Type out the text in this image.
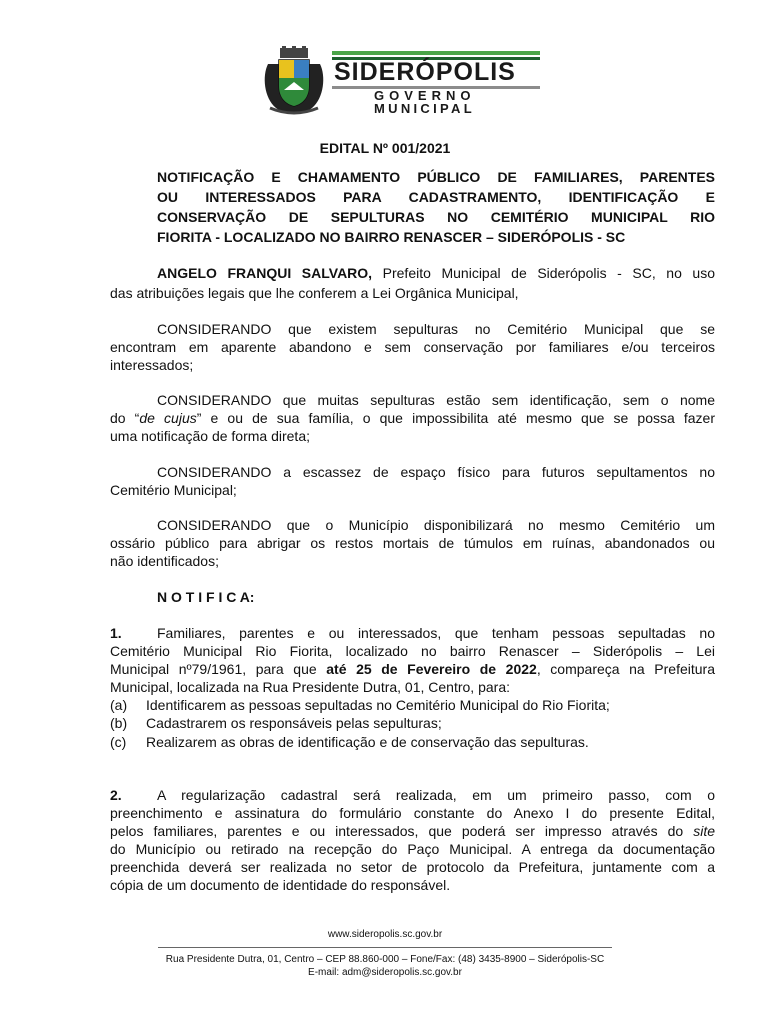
SIDERÓPOLIS
GOVERNO
MUNICIPAL
EDITAL Nº 001/2021
NOTIFICAÇÃO E CHAMAMENTO PÚBLICO DE FAMILIARES, PARENTES
OU INTERESSADOS PARA CADASTRAMENTO, IDENTIFICAÇÃO E
CONSERVAÇÃO DE SEPULTURAS NO CEMITÉRIO MUNICIPAL RIO
FIORITA - LOCALIZADO NO BAIRRO RENASCER – SIDERÓPOLIS - SC
ANGELO FRANQUI SALVARO, Prefeito Municipal de Siderópolis - SC, no uso
das atribuições legais que lhe conferem a Lei Orgânica Municipal,
CONSIDERANDO que existem sepulturas no Cemitério Municipal que se
encontram em aparente abandono e sem conservação por familiares e/ou terceiros
interessados;
CONSIDERANDO que muitas sepulturas estão sem identificação, sem o nome
do “de cujus” e ou de sua família, o que impossibilita até mesmo que se possa fazer
uma notificação de forma direta;
CONSIDERANDO a escassez de espaço físico para futuros sepultamentos no
Cemitério Municipal;
CONSIDERANDO que o Município disponibilizará no mesmo Cemitério um
ossário público para abrigar os restos mortais de túmulos em ruínas, abandonados ou
não identificados;
N O T I F I C A:
1.	Familiares, parentes e ou interessados, que tenham pessoas sepultadas no
Cemitério Municipal Rio Fiorita, localizado no bairro Renascer – Siderópolis – Lei
Municipal nº79/1961, para que até 25 de Fevereiro de 2022, compareça na Prefeitura
Municipal, localizada na Rua Presidente Dutra, 01, Centro, para:
(a) Identificarem as pessoas sepultadas no Cemitério Municipal do Rio Fiorita;
(b) Cadastrarem os responsáveis pelas sepulturas;
(c) Realizarem as obras de identificação e de conservação das sepulturas.
2.	A regularização cadastral será realizada, em um primeiro passo, com o
preenchimento e assinatura do formulário constante do Anexo I do presente Edital,
pelos familiares, parentes e ou interessados, que poderá ser impresso através do site
do Município ou retirado na recepção do Paço Municipal. A entrega da documentação
preenchida deverá ser realizada no setor de protocolo da Prefeitura, juntamente com a
cópia de um documento de identidade do responsável.
www.sideropolis.sc.gov.br
Rua Presidente Dutra, 01, Centro – CEP 88.860-000 – Fone/Fax: (48) 3435-8900 – Siderópolis-SC
E-mail: adm@sideropolis.sc.gov.br
